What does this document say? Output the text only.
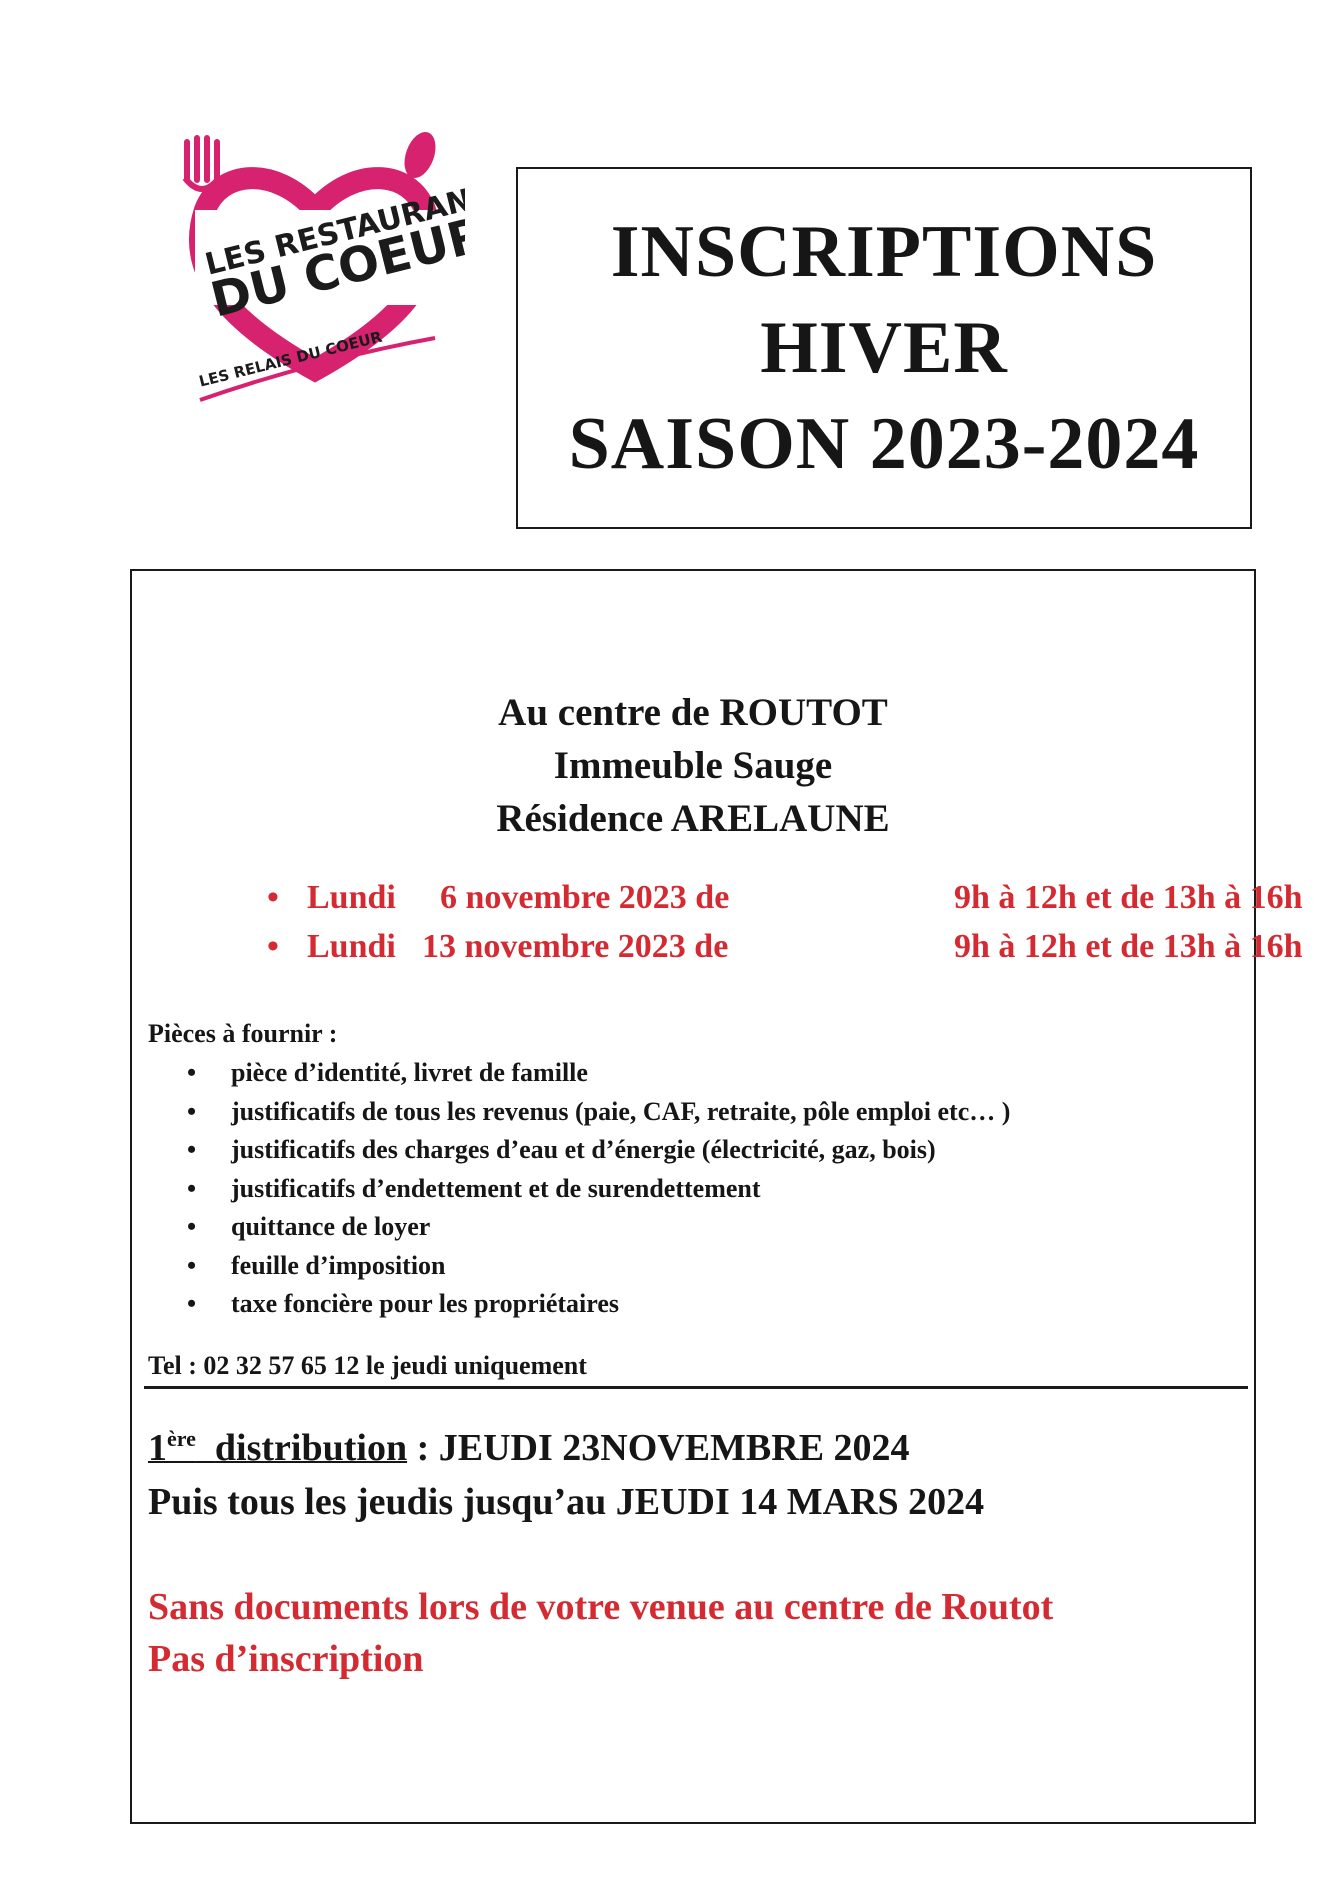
LES RESTAURANTS
DU COEUR
LES RELAIS DU COEUR
INSCRIPTIONS
HIVER
SAISON 2023-2024
Au centre de ROUTOT
Immeuble Sauge
Résidence ARELAUNE
• Lundi 6 novembre 2023 de	9h à 12h et de 13h à 16h
• Lundi 13 novembre 2023 de	9h à 12h et de 13h à 16h
Pièces à fournir :
• pièce d’identité, livret de famille
• justificatifs de tous les revenus (paie, CAF, retraite, pôle emploi etc… )
• justificatifs des charges d’eau et d’énergie (électricité, gaz, bois)
• justificatifs d’endettement et de surendettement
• quittance de loyer
• feuille d’imposition
• taxe foncière pour les propriétaires
Tel : 02 32 57 65 12 le jeudi uniquement
1ère distribution : JEUDI 23NOVEMBRE 2024
Puis tous les jeudis jusqu’au JEUDI 14 MARS 2024
Sans documents lors de votre venue au centre de Routot
Pas d’inscription
